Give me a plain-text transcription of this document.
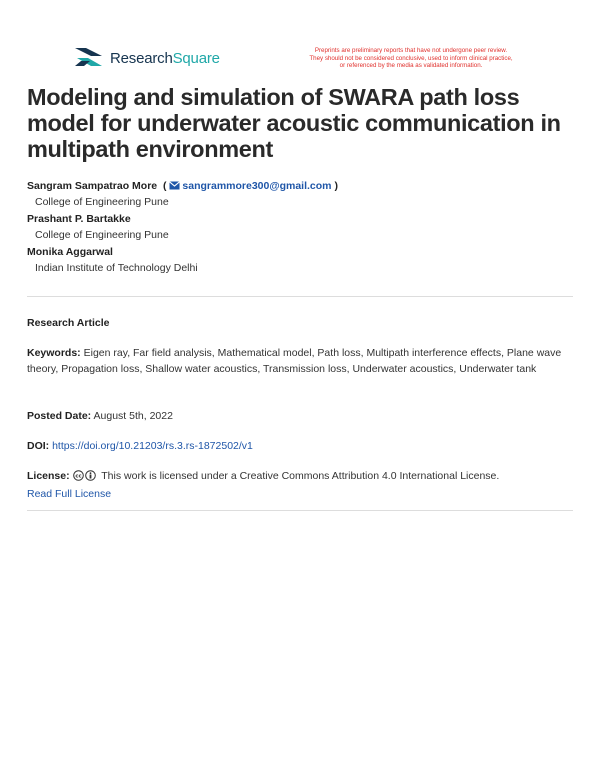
ResearchSquare	Preprints are preliminary reports that have not undergone peer review.
They should not be considered conclusive, used to inform clinical practice,
or referenced by the media as validated information.
Modeling and simulation of SWARA path loss model for underwater acoustic communication in multipath environment
Sangram Sampatrao More  ( sangrammore300@gmail.com )
College of Engineering Pune
Prashant P. Bartakke
College of Engineering Pune
Monika Aggarwal
Indian Institute of Technology Delhi
Research Article
Keywords: Eigen ray, Far field analysis, Mathematical model, Path loss, Multipath interference effects, Plane wave theory, Propagation loss, Shallow water acoustics, Transmission loss, Underwater acoustics, Underwater tank
Posted Date: August 5th, 2022
DOI: https://doi.org/10.21203/rs.3.rs-1872502/v1
License: cc This work is licensed under a Creative Commons Attribution 4.0 International License.
Read Full License
